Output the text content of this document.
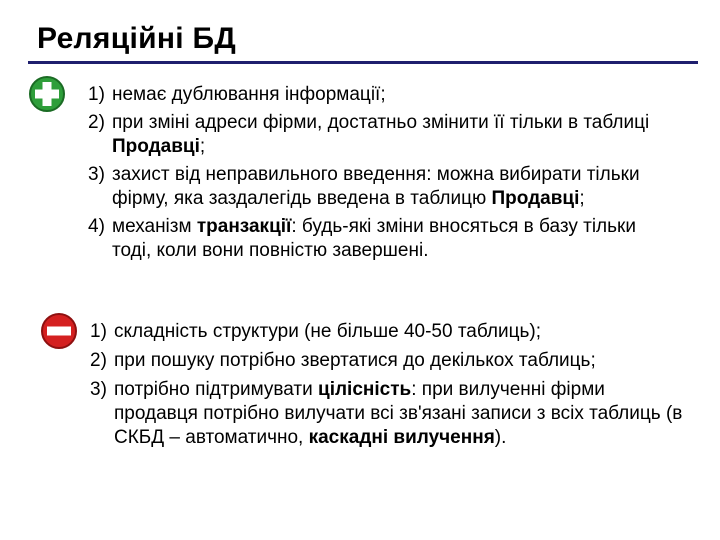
Реляційні БД
1) немає дублювання інформації;
2) при зміні адреси фірми, достатньо змінити її тільки в таблиці Продавці;
3) захист від неправильного введення: можна вибирати тільки фірму, яка заздалегідь введена в таблицю Продавці;
4) механізм транзакції: будь-які зміни вносяться в базу тільки тоді, коли вони повністю завершені.
1) складність структури (не більше 40-50 таблиць);
2) при пошуку потрібно звертатися до декількох таблиць;
3) потрібно підтримувати цілісність: при вилученні фірми продавця потрібно вилучати всі зв'язані записи з всіх таблиць (в СКБД – автоматично, каскадні вилучення).
